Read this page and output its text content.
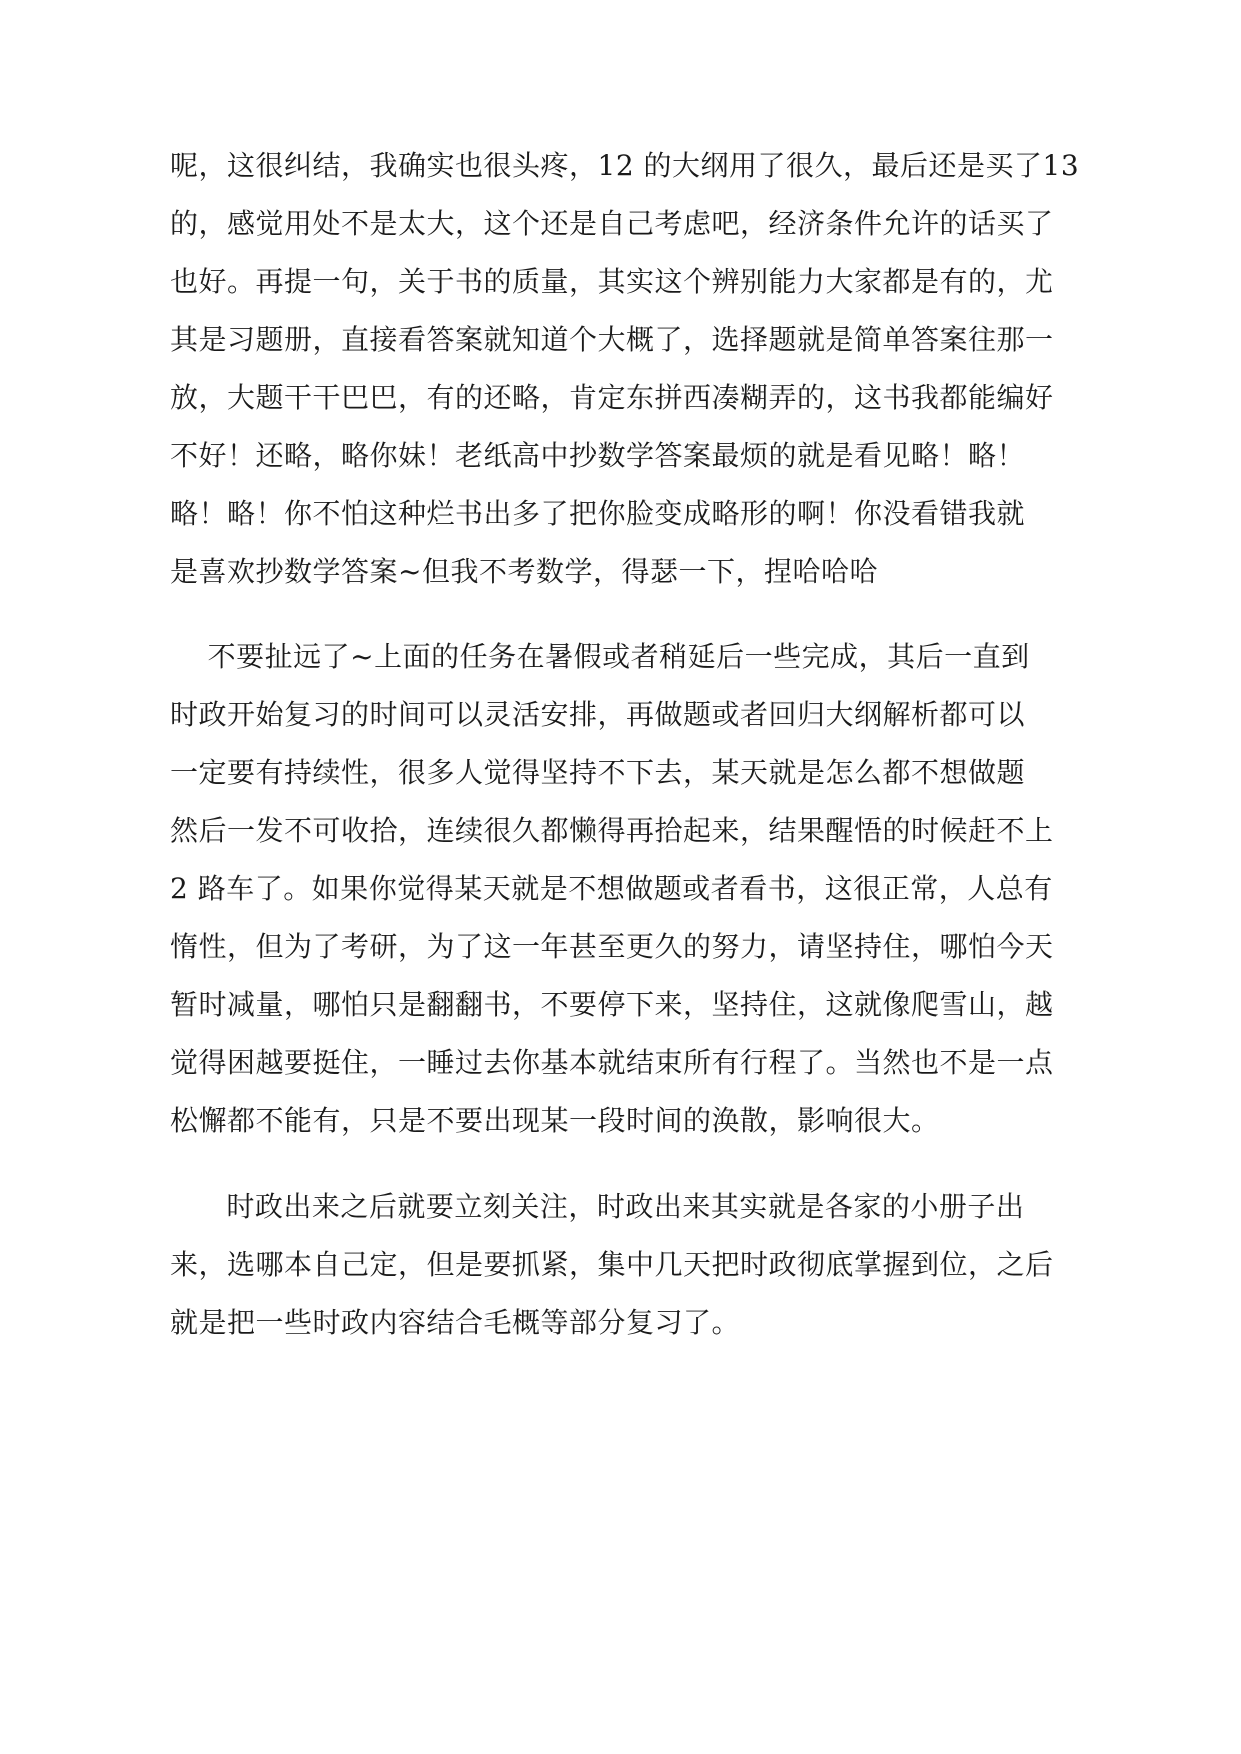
呢，这很纠结，我确实也很头疼，12 的大纲用了很久，最后还是买了13
的，感觉用处不是太大，这个还是自己考虑吧，经济条件允许的话买了
也好。再提一句，关于书的质量，其实这个辨别能力大家都是有的，尤
其是习题册，直接看答案就知道个大概了，选择题就是简单答案往那一
放，大题干干巴巴，有的还略，肯定东拼西凑糊弄的，这书我都能编好
不好！还略，略你妹！老纸高中抄数学答案最烦的就是看见略！略！
略！略！你不怕这种烂书出多了把你脸变成略形的啊！你没看错我就
是喜欢抄数学答案~但我不考数学，得瑟一下，捏哈哈哈
不要扯远了~上面的任务在暑假或者稍延后一些完成，其后一直到
时政开始复习的时间可以灵活安排，再做题或者回归大纲解析都可以
一定要有持续性，很多人觉得坚持不下去，某天就是怎么都不想做题
然后一发不可收拾，连续很久都懒得再拾起来，结果醒悟的时候赶不上
2 路车了。如果你觉得某天就是不想做题或者看书，这很正常，人总有
惰性，但为了考研，为了这一年甚至更久的努力，请坚持住，哪怕今天
暂时减量，哪怕只是翻翻书，不要停下来，坚持住，这就像爬雪山，越
觉得困越要挺住，一睡过去你基本就结束所有行程了。当然也不是一点
松懈都不能有，只是不要出现某一段时间的涣散，影响很大。
时政出来之后就要立刻关注，时政出来其实就是各家的小册子出
来，选哪本自己定，但是要抓紧，集中几天把时政彻底掌握到位，之后
就是把一些时政内容结合毛概等部分复习了。
